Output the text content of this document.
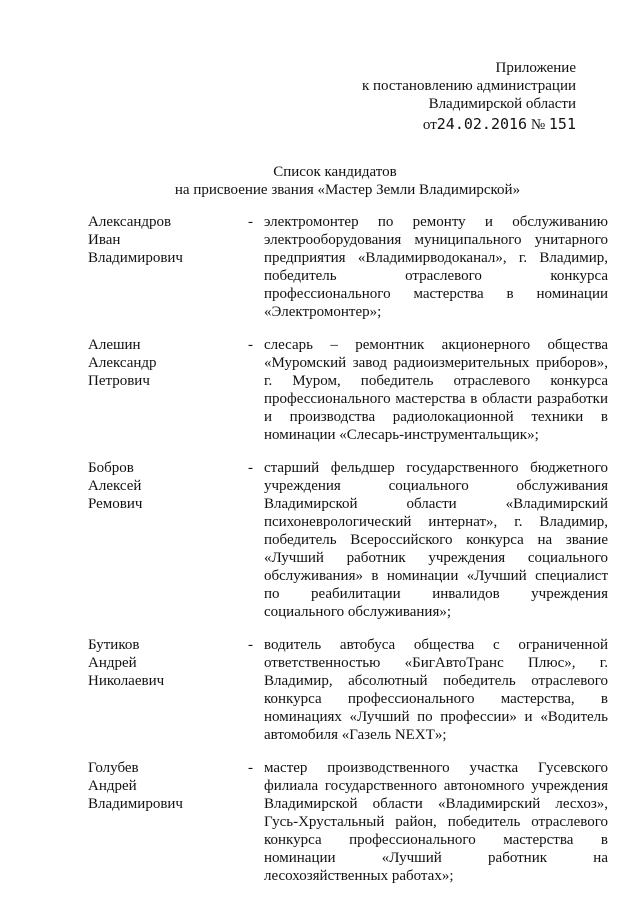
Приложение
к постановлению администрации
Владимирской области
от24.02.2016 № 151
Список кандидатов
на присвоение звания «Мастер Земли Владимирской»
Александров
Иван
Владимирович
- электромонтер по ремонту и обслуживанию электрооборудования муниципального унитарного предприятия «Владимирводоканал», г. Владимир, победитель отраслевого конкурса профессионального мастерства в номинации «Электромонтер»;
Алешин
Александр
Петрович
- слесарь – ремонтник акционерного общества «Муромский завод радиоизмерительных приборов», г. Муром, победитель отраслевого конкурса профессионального мастерства в области разработки и производства радиолокационной техники в номинации «Слесарь-инструментальщик»;
Бобров
Алексей
Ремович
- старший фельдшер государственного бюджетного учреждения социального обслуживания Владимирской области «Владимирский психоневрологический интернат», г. Владимир, победитель Всероссийского конкурса на звание «Лучший работник учреждения социального обслуживания» в номинации «Лучший специалист по реабилитации инвалидов учреждения социального обслуживания»;
Бутиков
Андрей
Николаевич
- водитель автобуса общества с ограниченной ответственностью «БигАвтоТранс Плюс», г. Владимир, абсолютный победитель отраслевого конкурса профессионального мастерства, в номинациях «Лучший по профессии» и «Водитель автомобиля «Газель NEXT»;
Голубев
Андрей
Владимирович
- мастер производственного участка Гусевского филиала государственного автономного учреждения Владимирской области «Владимирский лесхоз», Гусь-Хрустальный район, победитель отраслевого конкурса профессионального мастерства в номинации «Лучший работник на лесохозяйственных работах»;
